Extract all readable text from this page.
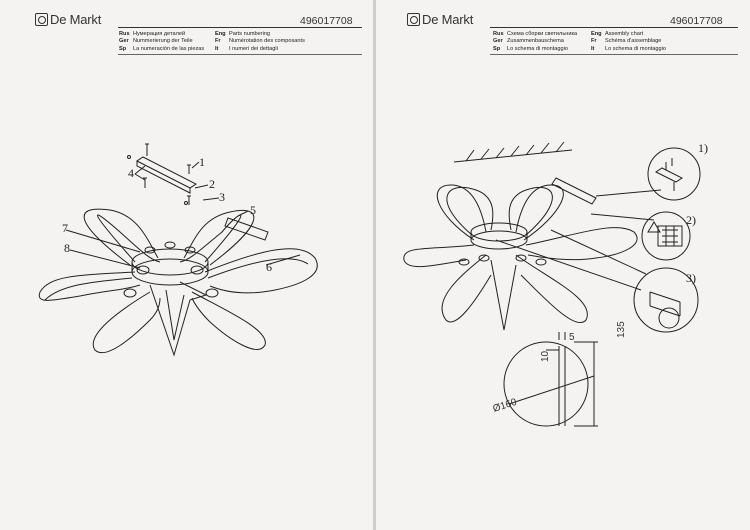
De Markt	496017708
Rus Нумерация деталей
Ger Nummerierung der Teile
Sp La numeración de las piezas
Eng Parts numbering
Fr Numérotation des composants
It I numeri dei dettagli
1
2
3
4
5
6
7
8
De Markt	496017708
Rus Схема сборки светильника
Ger Zusammenbauschema
Sp Lo schema di montaggio
Eng Assembly chart
Fr Schéma d'assemblage
It Lo schema di montaggio
1)
2)
3)
135
5
10
Ø160
